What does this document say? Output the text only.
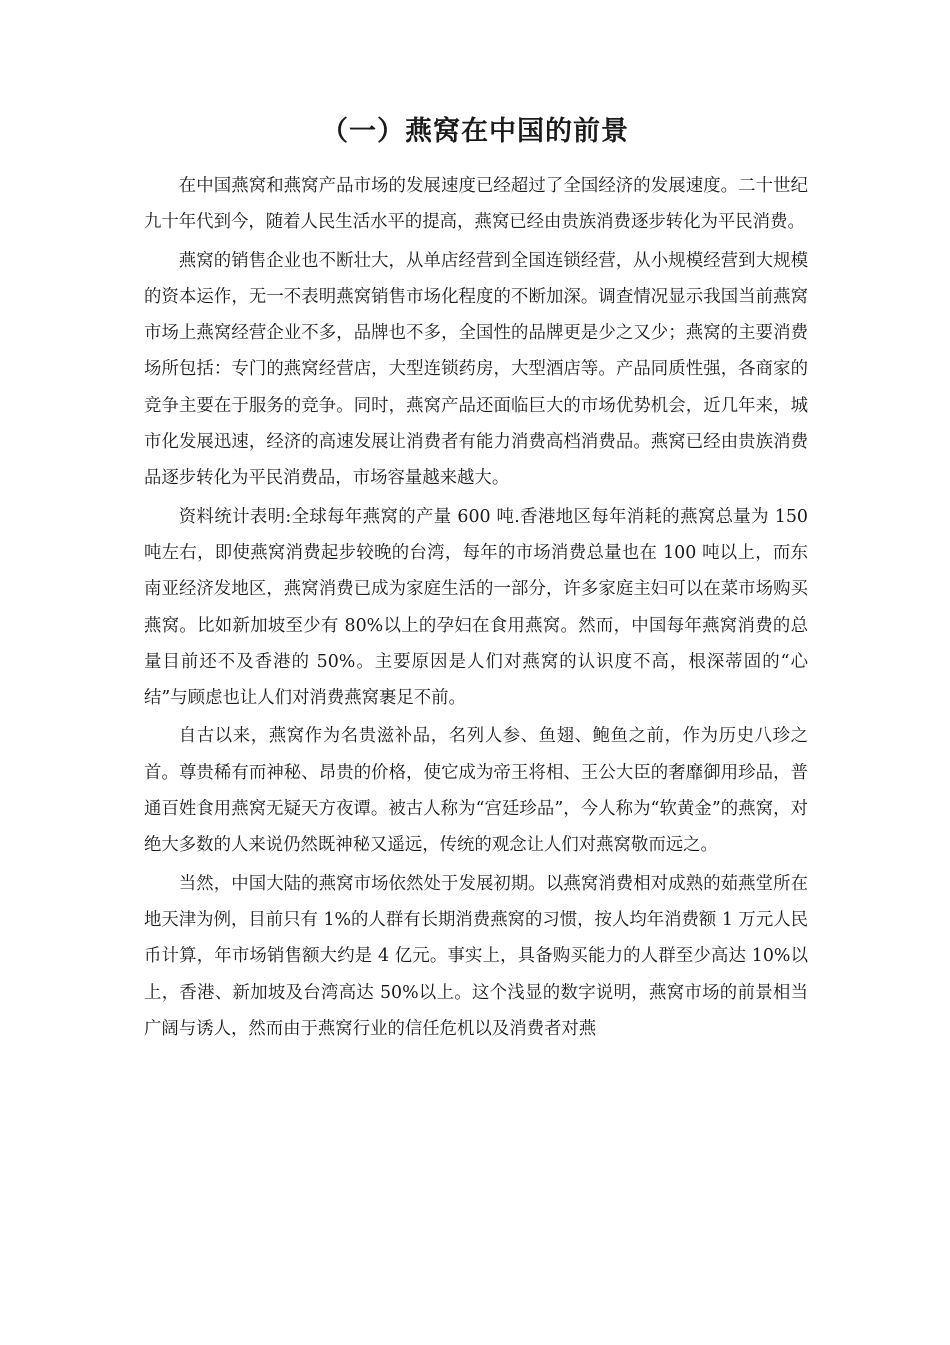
（一）燕窝在中国的前景

在中国燕窝和燕窝产品市场的发展速度已经超过了全国经济的发展速度。二十世纪九十年代到今，随着人民生活水平的提高，燕窝已经由贵族消费逐步转化为平民消费。

燕窝的销售企业也不断壮大，从单店经营到全国连锁经营，从小规模经营到大规模的资本运作，无一不表明燕窝销售市场化程度的不断加深。调查情况显示我国当前燕窝市场上燕窝经营企业不多，品牌也不多，全国性的品牌更是少之又少；燕窝的主要消费场所包括：专门的燕窝经营店，大型连锁药房，大型酒店等。产品同质性强，各商家的竞争主要在于服务的竞争。同时，燕窝产品还面临巨大的市场优势机会，近几年来，城市化发展迅速，经济的高速发展让消费者有能力消费高档消费品。燕窝已经由贵族消费品逐步转化为平民消费品，市场容量越来越大。

资料统计表明:全球每年燕窝的产量 600 吨.香港地区每年消耗的燕窝总量为 150 吨左右，即使燕窝消费起步较晚的台湾，每年的市场消费总量也在 100 吨以上，而东南亚经济发地区，燕窝消费已成为家庭生活的一部分，许多家庭主妇可以在菜市场购买燕窝。比如新加坡至少有 80%以上的孕妇在食用燕窝。然而，中国每年燕窝消费的总量目前还不及香港的 50%。主要原因是人们对燕窝的认识度不高，根深蒂固的“心结”与顾虑也让人们对消费燕窝裹足不前。

自古以来，燕窝作为名贵滋补品，名列人参、鱼翅、鲍鱼之前，作为历史八珍之首。尊贵稀有而神秘、昂贵的价格，使它成为帝王将相、王公大臣的奢靡御用珍品，普通百姓食用燕窝无疑天方夜谭。被古人称为“宫廷珍品”，今人称为“软黄金”的燕窝，对绝大多数的人来说仍然既神秘又遥远，传统的观念让人们对燕窝敬而远之。

当然，中国大陆的燕窝市场依然处于发展初期。以燕窝消费相对成熟的茹燕堂所在地天津为例，目前只有 1%的人群有长期消费燕窝的习惯，按人均年消费额 1 万元人民币计算，年市场销售额大约是 4 亿元。事实上，具备购买能力的人群至少高达 10%以上，香港、新加坡及台湾高达 50%以上。这个浅显的数字说明，燕窝市场的前景相当广阔与诱人，然而由于燕窝行业的信任危机以及消费者对燕
